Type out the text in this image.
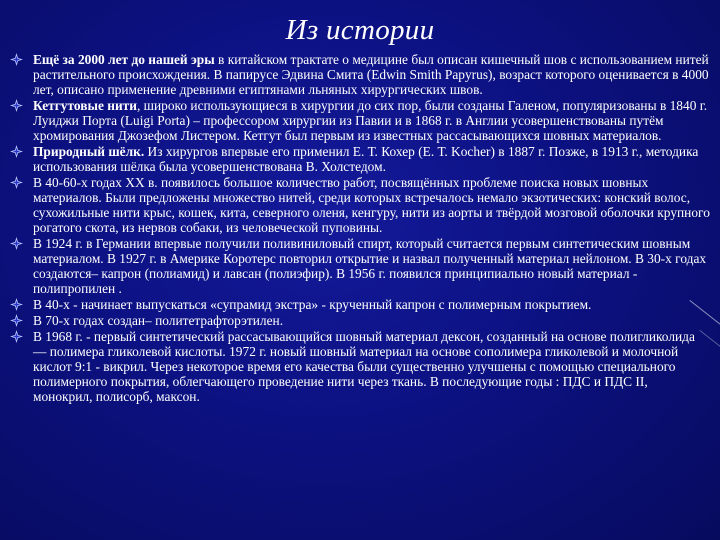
Из истории
Ещё за 2000 лет до нашей эры в китайском трактате о медицине был описан кишечный шов с использованием нитей растительного происхождения. В папирусе Эдвина Смита (Edwin Smith Papyrus), возраст которого оценивается в 4000 лет, описано применение древними египтянами льняных хирургических швов.
Кетгутовые нити, широко использующиеся в хирургии до сих пор, были созданы Галеном, популяризованы в 1840 г. Луиджи Порта (Luigi Porta) – профессором хирургии из Павии и в 1868 г. в Англии усовершенствованы путём хромирования Джозефом Листером. Кетгут был первым из известных рассасывающихся шовных материалов.
Природный шёлк. Из хирургов впервые его применил Е. Т. Кохер (Е. Т. Kocher) в 1887 г. Позже, в 1913 г., методика использования шёлка была усовершенствована В. Холстедом.
В 40-60-х годах XX в. появилось большое количество работ, посвящённых проблеме поиска новых шовных материалов. Были предложены множество нитей, среди которых встречалось немало экзотических: конский волос, сухожильные нити крыс, кошек, кита, северного оленя, кенгуру, нити из аорты и твёрдой мозговой оболочки крупного рогатого скота, из нервов собаки, из человеческой пуповины.
В 1924 г. в Германии впервые получили поливиниловый спирт, который считается первым синтетическим шовным материалом. В 1927 г. в Америке Коротерс повторил открытие и назвал полученный материал нейлоном. В 30-х годах создаются– капрон (полиамид) и лавсан (полиэфир). В 1956 г. появился принципиально новый материал - полипропилен .
В 40-х - начинает выпускаться «супрамид экстра» - крученный капрон с полимерным покрытием.
В 70-х годах создан– политетрафторэтилен.
В 1968 г. - первый синтетический рассасывающийся шовный материал дексон, созданный на основе полигликолида — полимера гликолевой кислоты. 1972 г. новый шовный материал на основе сополимера гликолевой и молочной кислот 9:1 - викрил. Через некоторое время его качества были существенно улучшены с помощью специального полимерного покрытия, облегчающего проведение нити через ткань. В последующие годы : ПДС и ПДС II, монокрил, полисорб, максон.
